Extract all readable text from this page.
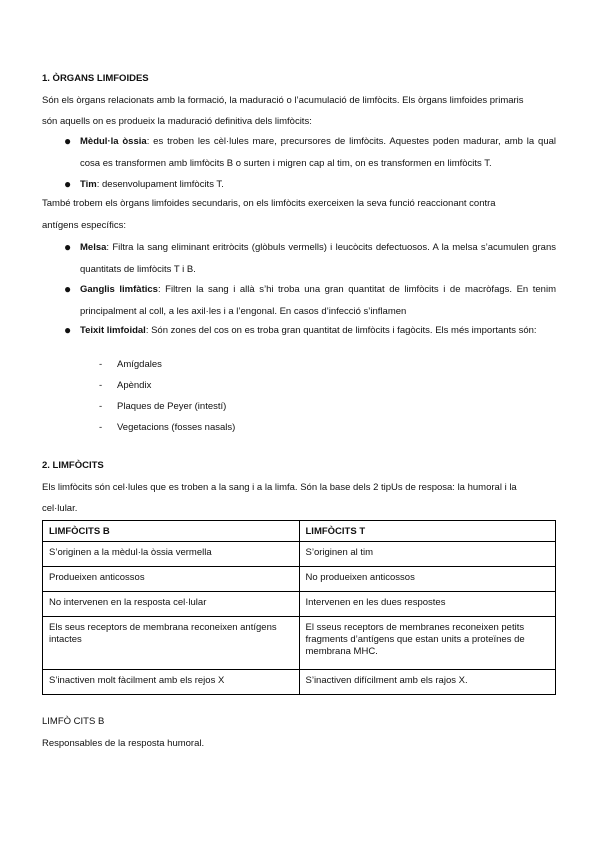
1. ÒRGANS LIMFOIDES
Són els òrgans relacionats amb la formació, la maduració o l’acumulació de limfòcits. Els òrgans limfoides primaris
són aquells on es produeix la maduració definitiva dels limfòcits:
● Mèdul·la òssia: es troben les cèl·lules mare, precursores de limfòcits. Aquestes poden madurar, amb la qual cosa es transformen amb limfòcits B o surten i migren cap al tim, on es transformen en limfòcits T.
● Tim: desenvolupament limfòcits T.
També trobem els òrgans limfoides secundaris, on els limfòcits exerceixen la seva funció reaccionant contra
antígens específics:
● Melsa: Filtra la sang eliminant eritròcits (glòbuls vermells) i leucòcits defectuosos. A la melsa s’acumulen grans quantitats de limfòcits T i B.
● Ganglis limfàtics: Filtren la sang i allà s’hi troba una gran quantitat de limfòcits i de macròfags. En tenim principalment al coll, a les axil·les i a l’engonal. En casos d’infecció s’inflamen
● Teixit limfoidal: Són zones del cos on es troba gran quantitat de limfòcits i fagòcits. Els més importants són:
- Amígdales
- Apèndix
- Plaques de Peyer (intestí)
- Vegetacions (fosses nasals)
2. LIMFÒCITS
Els limfòcits són cel·lules que es troben a la sang i a la limfa. Són la base dels 2 tipUs de resposa: la humoral i la
cel·lular.
LIMFÒCITS B	LIMFÒCITS T
S’originen a la mèdul·la òssia vermella	S’originen al tim
Produeixen anticossos	No produeixen anticossos
No intervenen en la resposta cel·lular	Intervenen en les dues respostes
Els seus receptors de membrana reconeixen antígens intactes	El sseus receptors de membranes reconeixen petits fragments d’antígens que estan units a proteïnes de membrana MHC.
S’inactiven molt fàcilment amb els rejos X	S’inactiven difícilment amb els rajos X.
LIMFÒ CITS B
Responsables de la resposta humoral.
